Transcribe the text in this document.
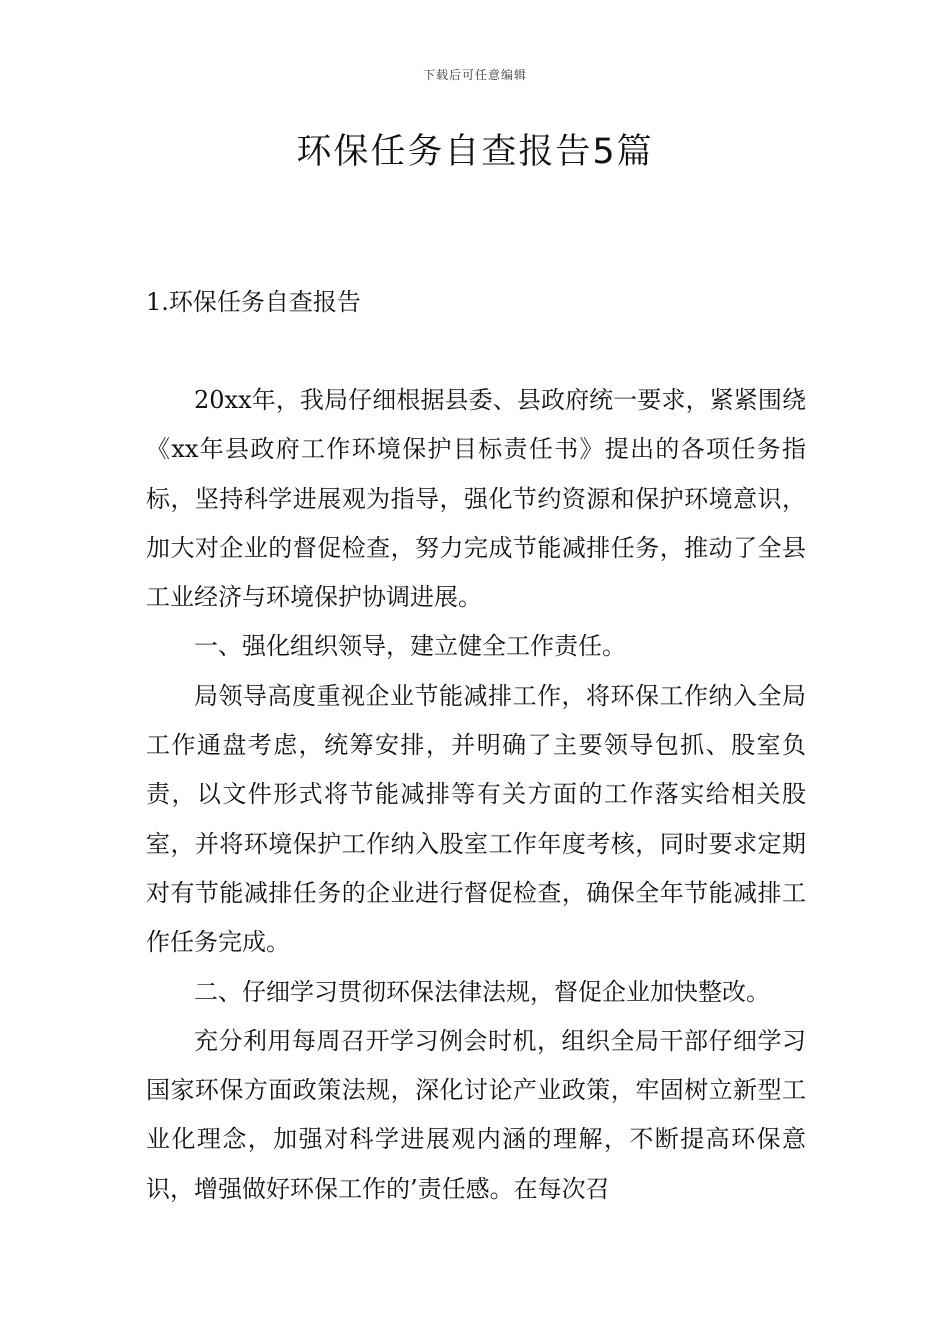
下载后可任意编辑
环保任务自查报告5篇
1.环保任务自查报告

20xx年，我局仔细根据县委、县政府统一要求，紧紧围绕《xx年县政府工作环境保护目标责任书》提出的各项任务指标，坚持科学进展观为指导，强化节约资源和保护环境意识，加大对企业的督促检查，努力完成节能减排任务，推动了全县工业经济与环境保护协调进展。

一、强化组织领导，建立健全工作责任。

局领导高度重视企业节能减排工作，将环保工作纳入全局工作通盘考虑，统筹安排，并明确了主要领导包抓、股室负责，以文件形式将节能减排等有关方面的工作落实给相关股室，并将环境保护工作纳入股室工作年度考核，同时要求定期对有节能减排任务的企业进行督促检查，确保全年节能减排工作任务完成。

二、仔细学习贯彻环保法律法规，督促企业加快整改。

充分利用每周召开学习例会时机，组织全局干部仔细学习国家环保方面政策法规，深化讨论产业政策，牢固树立新型工业化理念，加强对科学进展观内涵的理解，不断提高环保意识，增强做好环保工作的’责任感。在每次召
